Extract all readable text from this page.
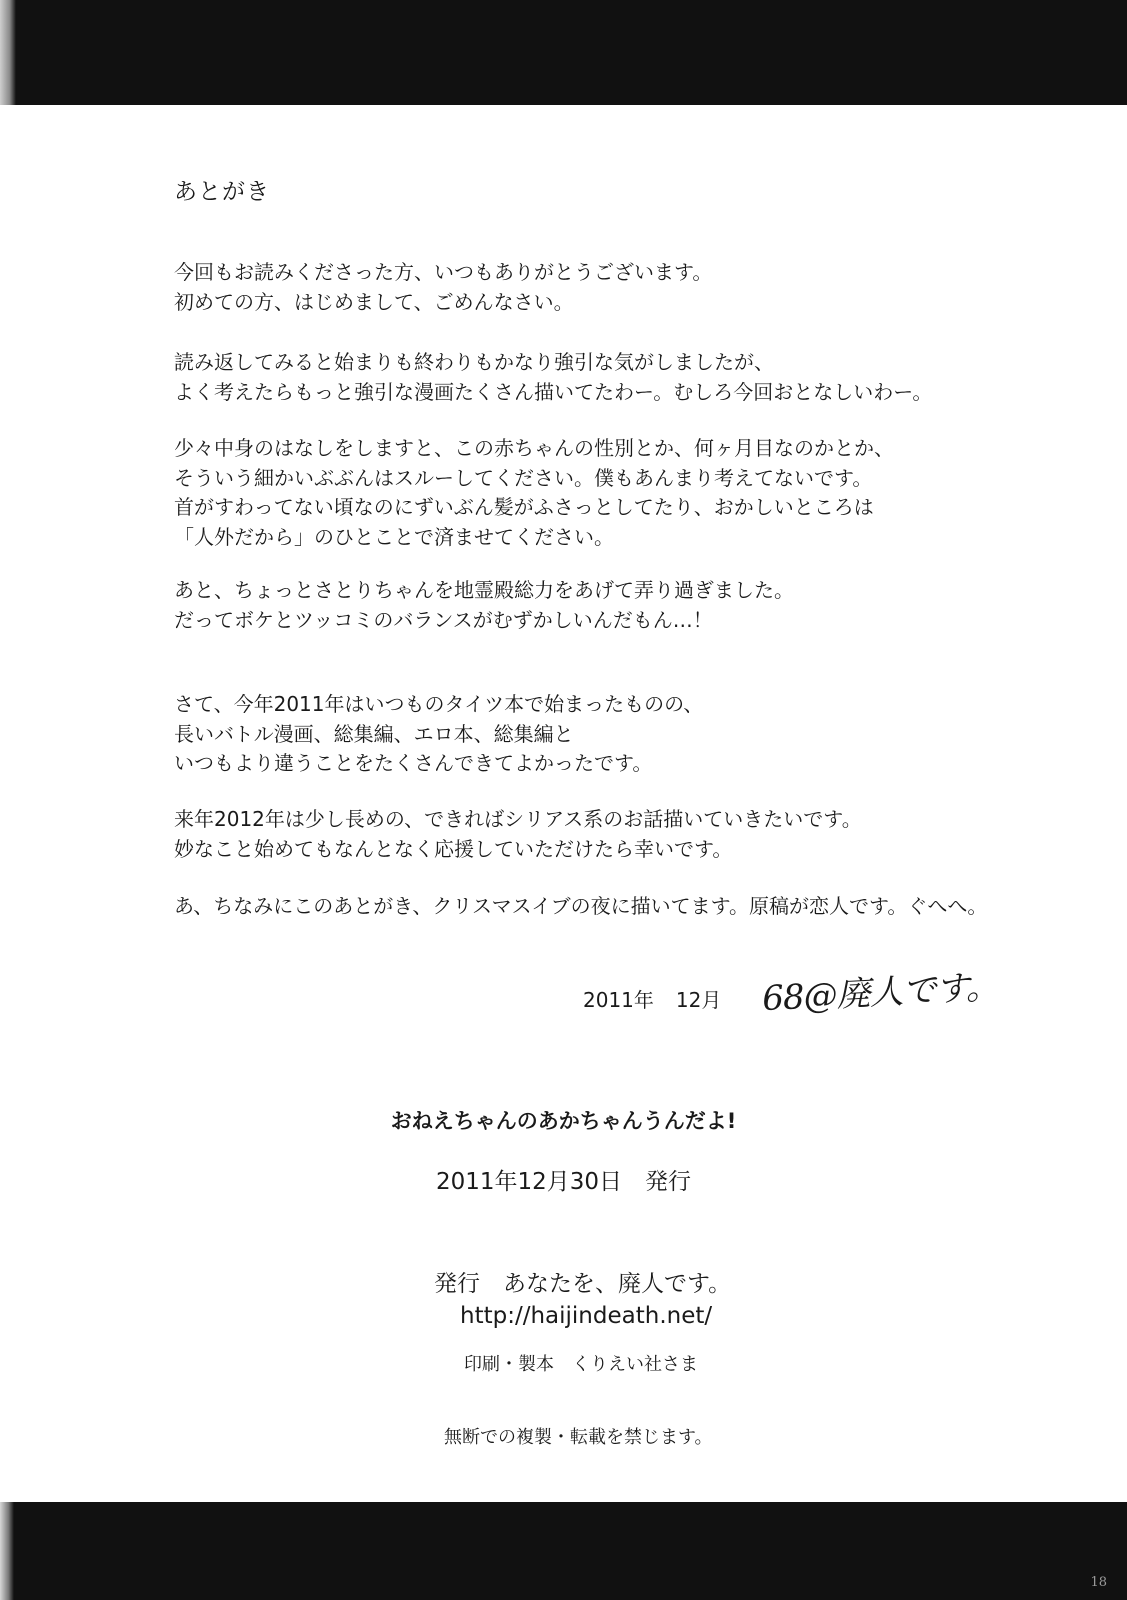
18
あとがき
今回もお読みくださった方、いつもありがとうございます。
初めての方、はじめまして、ごめんなさい。
読み返してみると始まりも終わりもかなり強引な気がしましたが、
よく考えたらもっと強引な漫画たくさん描いてたわー。むしろ今回おとなしいわー。
少々中身のはなしをしますと、この赤ちゃんの性別とか、何ヶ月目なのかとか、
そういう細かいぶぶんはスルーしてください。僕もあんまり考えてないです。
首がすわってない頃なのにずいぶん髪がふさっとしてたり、おかしいところは
「人外だから」のひとことで済ませてください。
あと、ちょっとさとりちゃんを地霊殿総力をあげて弄り過ぎました。
だってボケとツッコミのバランスがむずかしいんだもん…！
さて、今年2011年はいつものタイツ本で始まったものの、
長いバトル漫画、総集編、エロ本、総集編と
いつもより違うことをたくさんできてよかったです。
来年2012年は少し長めの、できればシリアス系のお話描いていきたいです。
妙なこと始めてもなんとなく応援していただけたら幸いです。
あ、ちなみにこのあとがき、クリスマスイブの夜に描いてます。原稿が恋人です。ぐへへ。
2011年 12月 68@廃人です。
おねえちゃんのあかちゃんうんだよ!
2011年12月30日　発行
発行　あなたを、廃人です。
http://haijindeath.net/
印刷・製本　くりえい社さま
無断での複製・転載を禁じます。
